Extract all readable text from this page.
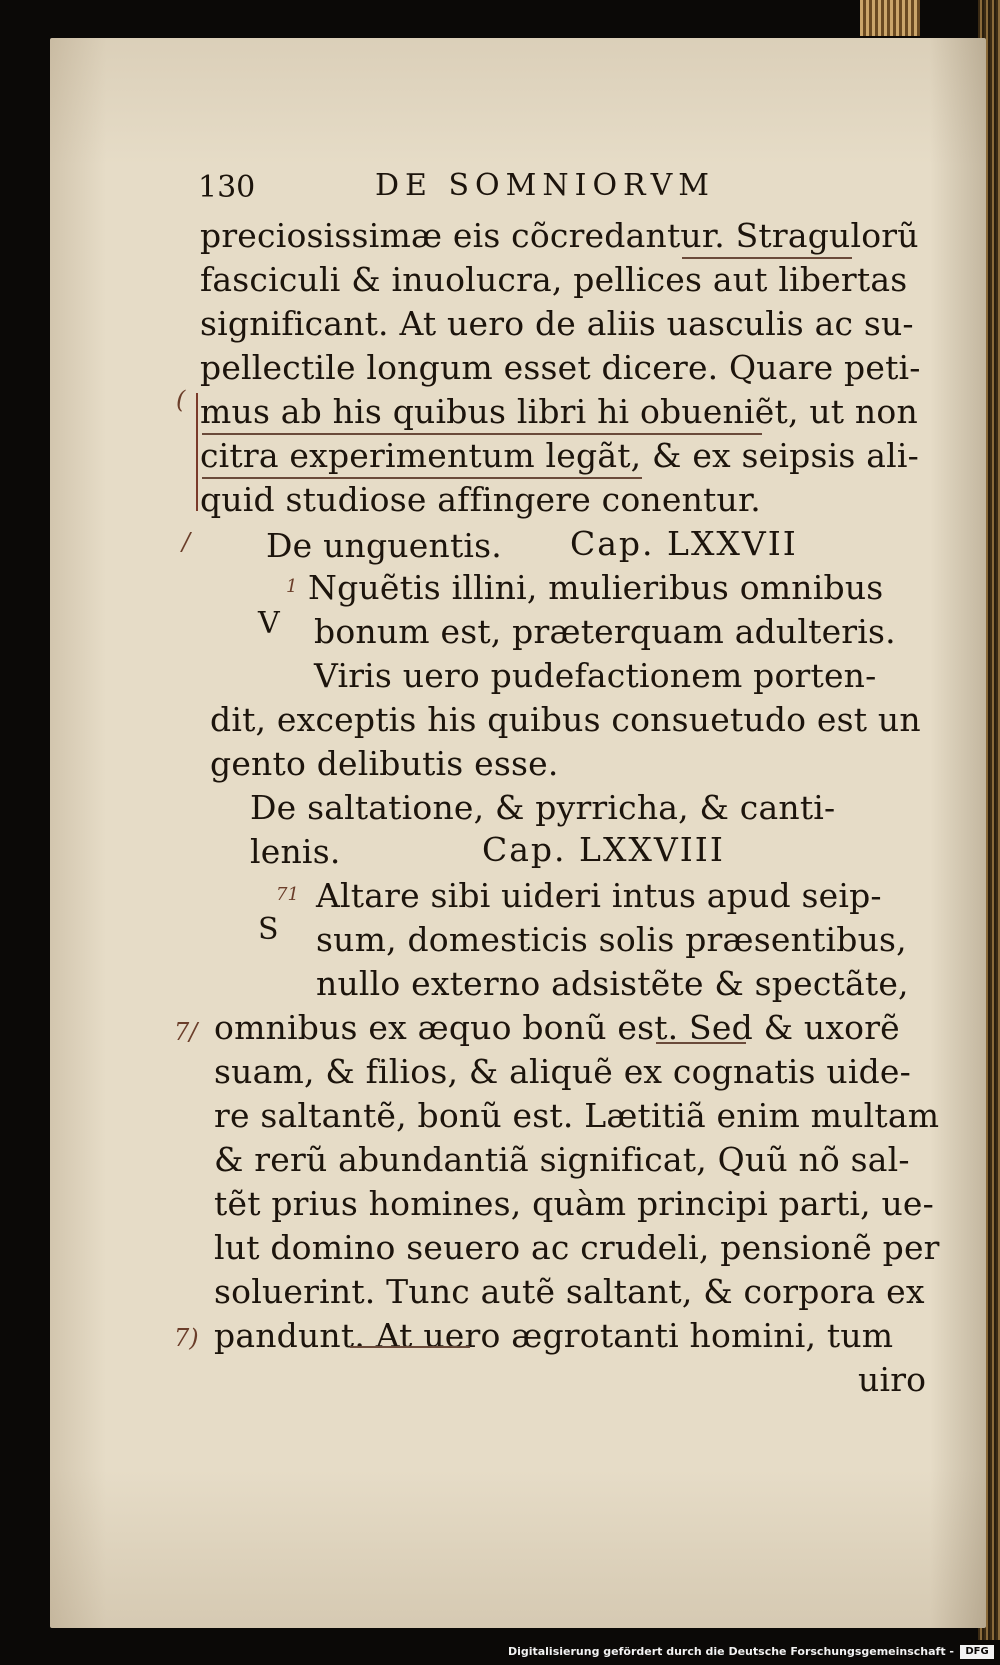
130	DE SOMNIORVM
preciosissimæ eis cõcredantur. Stragulorũ
fasciculi & inuolucra, pellices aut libertas
significant. At uero de aliis uasculis ac su-
pellectile longum esset dicere. Quare peti-
mus ab his quibus libri hi obueniẽt, ut non
citra experimentum legãt, & ex seipsis ali-
quid studiose affingere conentur.
De unguentis. Cap. LXXVII
V
Nguẽtis illini, mulieribus omnibus
bonum est, præterquam adulteris.
Viris uero pudefactionem porten-
dit, exceptis his quibus consuetudo est un
gento delibutis esse.
De saltatione, & pyrricha, & canti-
lenis.	Cap. LXXVIII
S
Altare sibi uideri intus apud seip-
sum, domesticis solis præsentibus,
nullo externo adsistẽte & spectãte,
omnibus ex æquo bonũ est. Sed & uxorẽ
suam, & filios, & aliquẽ ex cognatis uide-
re saltantẽ, bonũ est. Lætitiã enim multam
& rerũ abundantiã significat, Quũ nõ sal-
tẽt prius homines, quàm principi parti, ue-
lut domino seuero ac crudeli, pensionẽ per
soluerint. Tunc autẽ saltant, & corpora ex
pandunt. At uero ægrotanti homini, tum
uiro
(
/
1
71
7/
7)
Digitalisierung gefördert durch die Deutsche Forschungsgemeinschaft -	DFG
